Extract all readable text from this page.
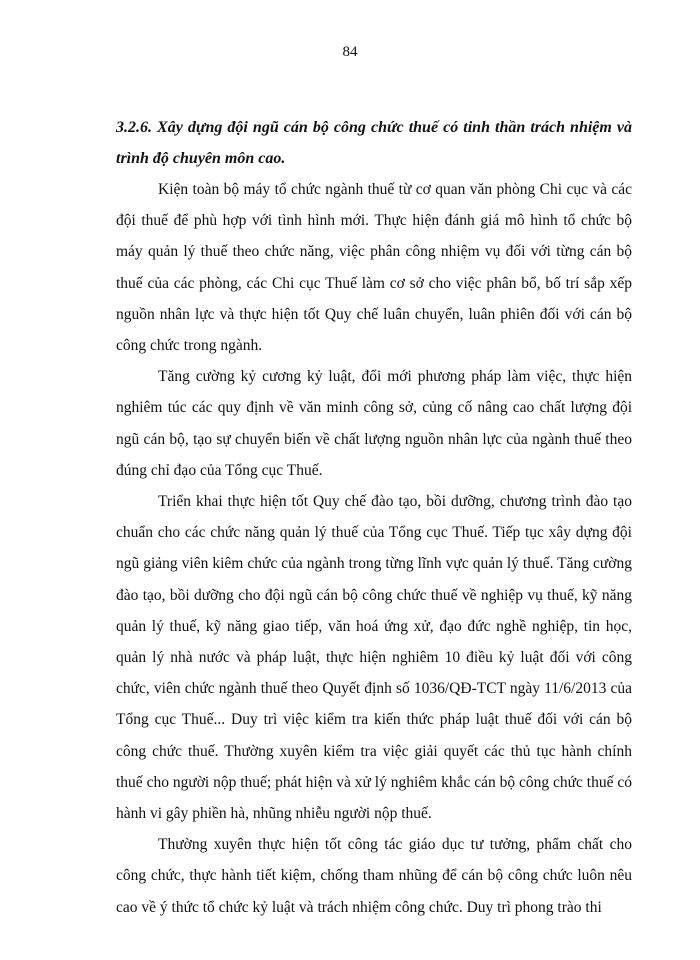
84

3.2.6. Xây dựng đội ngũ cán bộ công chức thuế có tinh thần trách nhiệm và trình độ chuyên môn cao.

Kiện toàn bộ máy tổ chức ngành thuế từ cơ quan văn phòng Chi cục và các đội thuế để phù hợp với tình hình mới. Thực hiện đánh giá mô hình tổ chức bộ máy quản lý thuế theo chức năng, việc phân công nhiệm vụ đối với từng cán bộ thuế của các phòng, các Chi cục Thuế làm cơ sở cho việc phân bổ, bố trí sắp xếp nguồn nhân lực và thực hiện tốt Quy chế luân chuyển, luân phiên đối với cán bộ công chức trong ngành.

Tăng cường kỷ cương kỷ luật, đổi mới phương pháp làm việc, thực hiện nghiêm túc các quy định về văn minh công sở, củng cố nâng cao chất lượng đội ngũ cán bộ, tạo sự chuyển biến về chất lượng nguồn nhân lực của ngành thuế theo đúng chỉ đạo của Tổng cục Thuế.

Triển khai thực hiện tốt Quy chế đào tạo, bồi dưỡng, chương trình đào tạo chuẩn cho các chức năng quản lý thuế của Tổng cục Thuế. Tiếp tục xây dựng đội ngũ giảng viên kiêm chức của ngành trong từng lĩnh vực quản lý thuế. Tăng cường đào tạo, bồi dưỡng cho đội ngũ cán bộ công chức thuế về nghiệp vụ thuế, kỹ năng quản lý thuế, kỹ năng giao tiếp, văn hoá ứng xử, đạo đức nghề nghiệp, tin học, quản lý nhà nước và pháp luật, thực hiện nghiêm 10 điều kỷ luật đối với công chức, viên chức ngành thuế theo Quyết định số 1036/QĐ-TCT ngày 11/6/2013 của Tổng cục Thuế... Duy trì việc kiểm tra kiến thức pháp luật thuế đối với cán bộ công chức thuế. Thường xuyên kiểm tra việc giải quyết các thủ tục hành chính thuế cho người nộp thuế; phát hiện và xử lý nghiêm khắc cán bộ công chức thuế có hành vi gây phiền hà, nhũng nhiễu người nộp thuế.

Thường xuyên thực hiện tốt công tác giáo dục tư tưởng, phẩm chất cho công chức, thực hành tiết kiệm, chống tham nhũng để cán bộ công chức luôn nêu cao về ý thức tổ chức kỷ luật và trách nhiệm công chức. Duy trì phong trào thi
